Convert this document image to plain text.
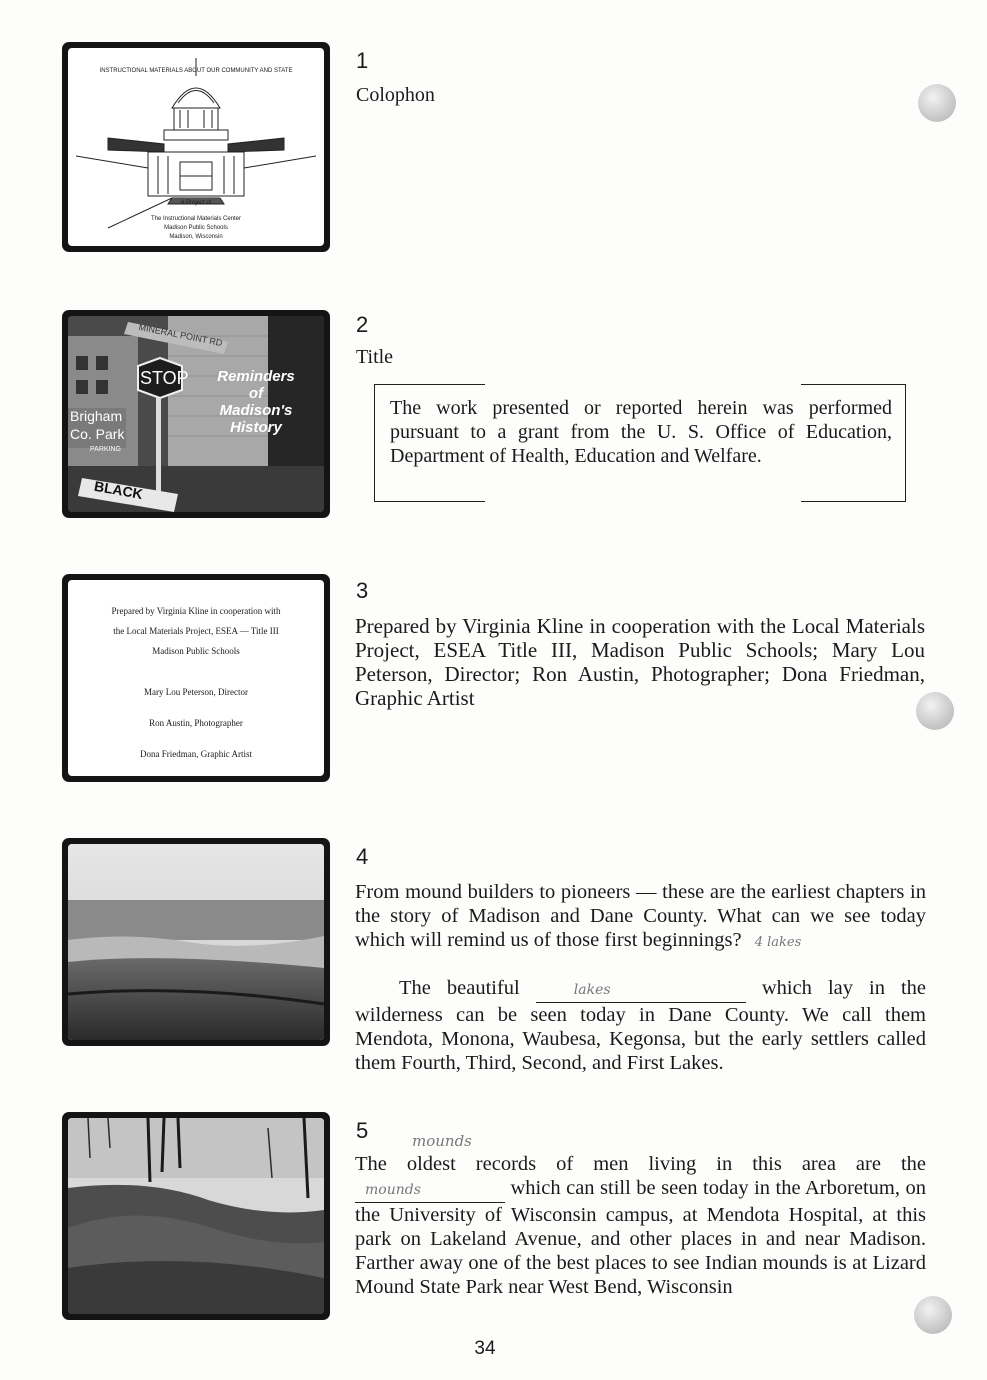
INSTRUCTIONAL MATERIALS ABOUT OUR COMMUNITY AND STATE
A Project of
The Instructional Materials Center
Madison Public Schools
Madison, Wisconsin
1
Colophon
MINERAL POINT RD
STOP
Brigham
Co. Park
PARKING
BLACK
Reminders
of
Madison's
History
2
Title
The work presented or reported herein was performed pursuant to a grant from the U. S. Office of Education, Department of Health, Education and Welfare.
Prepared by Virginia Kline in cooperation with
the Local Materials Project, ESEA — Title III
Madison Public Schools
Mary Lou Peterson, Director
Ron Austin, Photographer
Dona Friedman, Graphic Artist
3
Prepared by Virginia Kline in cooperation with the Local Materials Project, ESEA Title III, Madison Public Schools; Mary Lou Peterson, Director; Ron Austin, Photographer; Dona Friedman, Graphic Artist
4
From mound builders to pioneers — these are the earliest chapters in the story of Madison and Dane County. What can we see today which will remind us of those first beginnings? 4 lakes
The beautiful	lakes	which lay in the wilderness can be seen today in Dane County. We call them Mendota, Monona, Waubesa, Kegonsa, but the early settlers called them Fourth, Third, Second, and First Lakes.
5	mounds
The oldest records of men living in this area are the mounds	which can still be seen today in the Arboretum, on the University of Wisconsin campus, at Mendota Hospital, at this park on Lakeland Avenue, and other places in and near Madison. Farther away one of the best places to see Indian mounds is at Lizard Mound State Park near West Bend, Wisconsin
34
